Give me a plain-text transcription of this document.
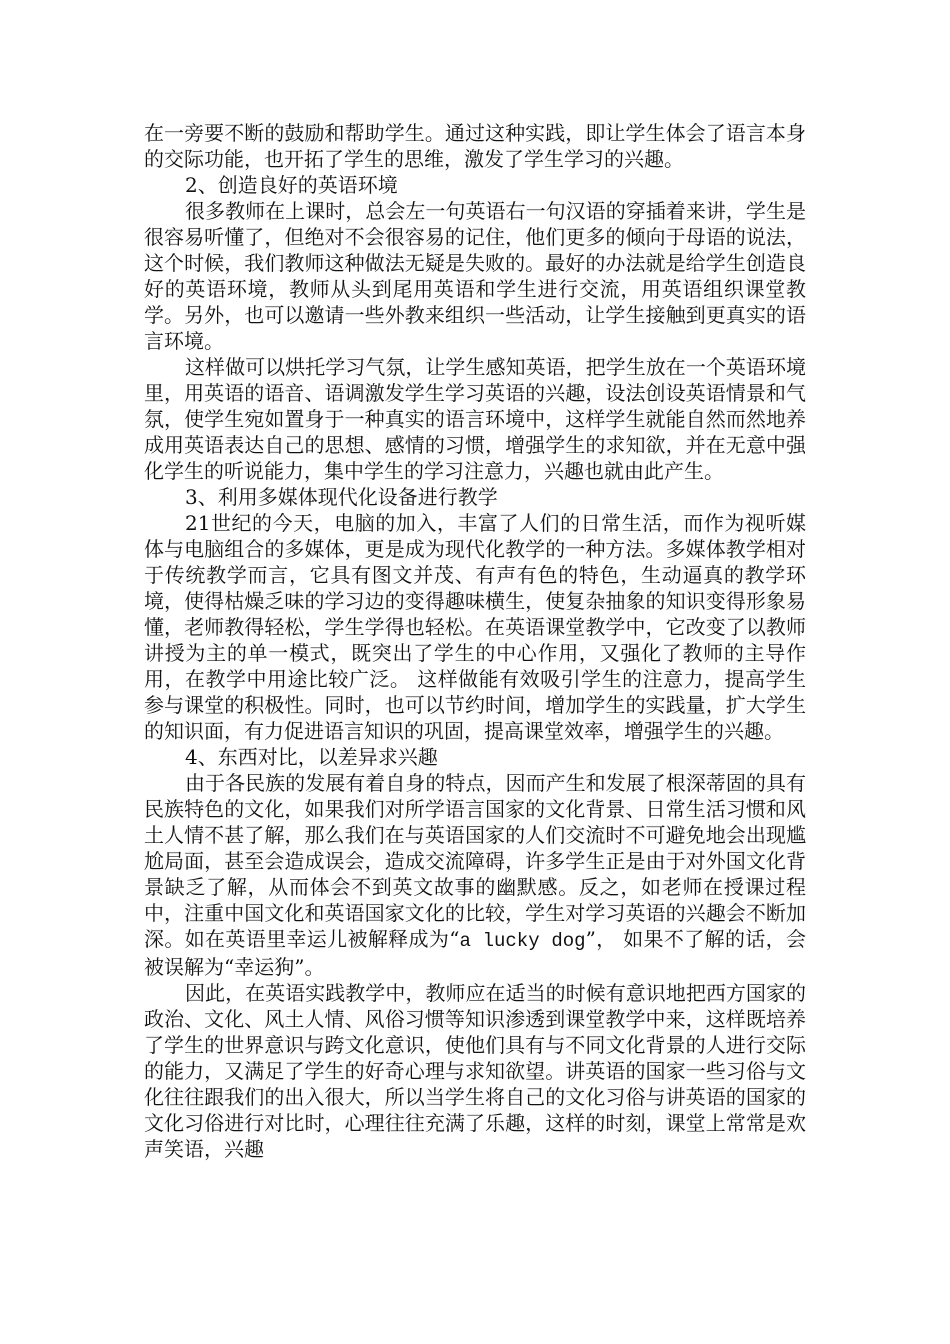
在一旁要不断的鼓励和帮助学生。通过这种实践，即让学生体会了语言本身的交际功能，也开拓了学生的思维，激发了学生学习的兴趣。

2、创造良好的英语环境

很多教师在上课时，总会左一句英语右一句汉语的穿插着来讲，学生是很容易听懂了，但绝对不会很容易的记住，他们更多的倾向于母语的说法，这个时候，我们教师这种做法无疑是失败的。最好的办法就是给学生创造良好的英语环境，教师从头到尾用英语和学生进行交流，用英语组织课堂教学。另外，也可以邀请一些外教来组织一些活动，让学生接触到更真实的语言环境。

这样做可以烘托学习气氛，让学生感知英语，把学生放在一个英语环境里，用英语的语音、语调激发学生学习英语的兴趣，设法创设英语情景和气氛，使学生宛如置身于一种真实的语言环境中，这样学生就能自然而然地养成用英语表达自己的思想、感情的习惯，增强学生的求知欲，并在无意中强化学生的听说能力，集中学生的学习注意力，兴趣也就由此产生。

3、利用多媒体现代化设备进行教学

21世纪的今天，电脑的加入，丰富了人们的日常生活，而作为视听媒体与电脑组合的多媒体，更是成为现代化教学的一种方法。多媒体教学相对于传统教学而言，它具有图文并茂、有声有色的特色，生动逼真的教学环境，使得枯燥乏味的学习边的变得趣味横生，使复杂抽象的知识变得形象易懂，老师教得轻松，学生学得也轻松。在英语课堂教学中，它改变了以教师讲授为主的单一模式，既突出了学生的中心作用，又强化了教师的主导作用，在教学中用途比较广泛。 这样做能有效吸引学生的注意力，提高学生参与课堂的积极性。同时，也可以节约时间，增加学生的实践量，扩大学生的知识面，有力促进语言知识的巩固，提高课堂效率，增强学生的兴趣。

4、东西对比，以差异求兴趣

由于各民族的发展有着自身的特点，因而产生和发展了根深蒂固的具有民族特色的文化，如果我们对所学语言国家的文化背景、日常生活习惯和风土人情不甚了解，那么我们在与英语国家的人们交流时不可避免地会出现尴尬局面，甚至会造成误会，造成交流障碍，许多学生正是由于对外国文化背景缺乏了解，从而体会不到英文故事的幽默感。反之，如老师在授课过程中，注重中国文化和英语国家文化的比较，学生对学习英语的兴趣会不断加深。如在英语里幸运儿被解释成为“a lucky dog”， 如果不了解的话，会被误解为“幸运狗”。

因此，在英语实践教学中，教师应在适当的时候有意识地把西方国家的政治、文化、风土人情、风俗习惯等知识渗透到课堂教学中来，这样既培养了学生的世界意识与跨文化意识，使他们具有与不同文化背景的人进行交际的能力，又满足了学生的好奇心理与求知欲望。讲英语的国家一些习俗与文化往往跟我们的出入很大，所以当学生将自己的文化习俗与讲英语的国家的文化习俗进行对比时，心理往往充满了乐趣，这样的时刻，课堂上常常是欢声笑语，兴趣
